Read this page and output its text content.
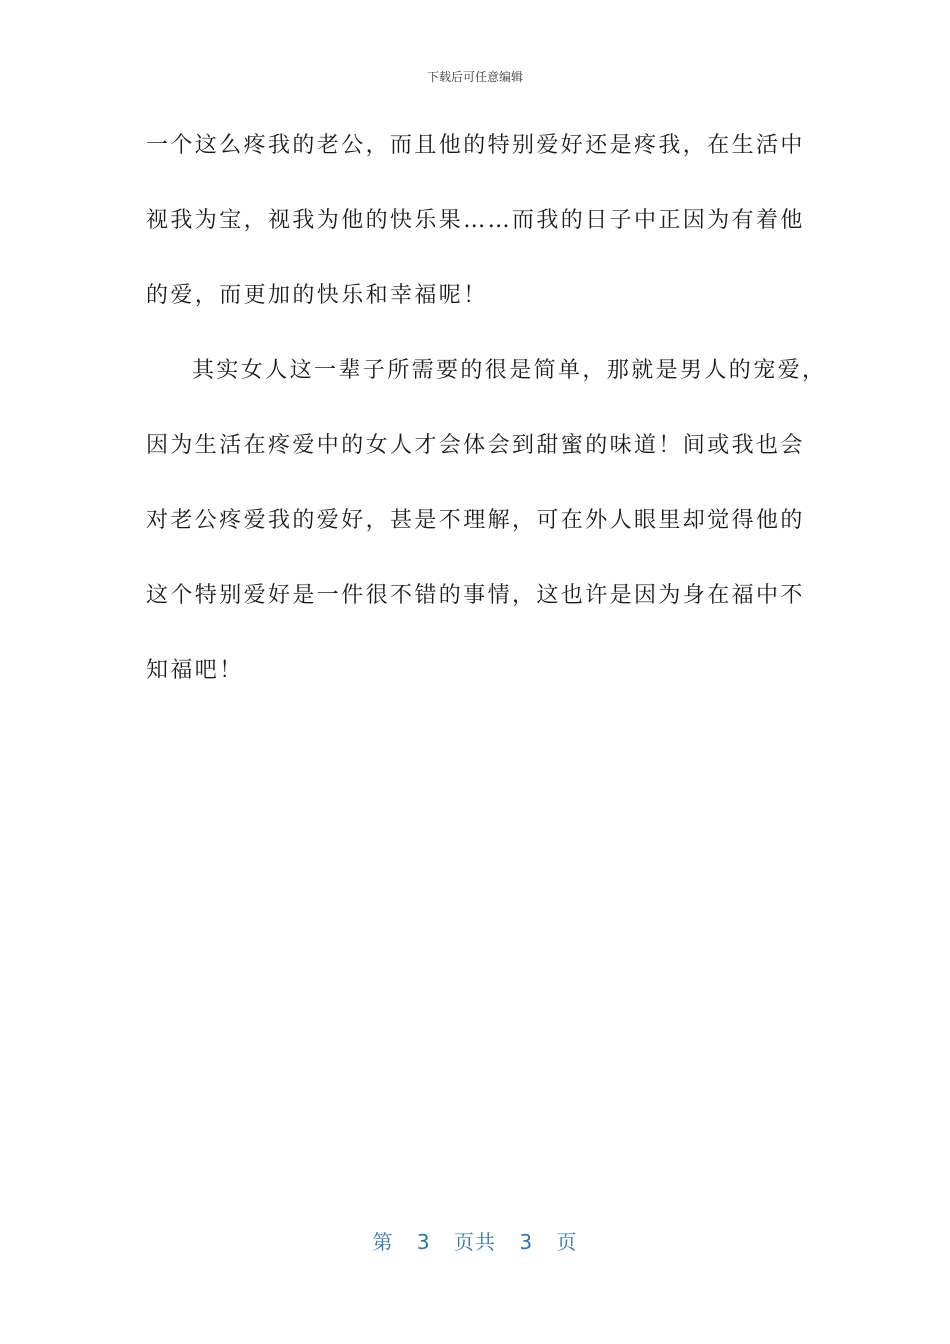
下载后可任意编辑
一个这么疼我的老公，而且他的特别爱好还是疼我，在生活中
视我为宝，视我为他的快乐果……而我的日子中正因为有着他
的爱，而更加的快乐和幸福呢！
其实女人这一辈子所需要的很是简单，那就是男人的宠爱，
因为生活在疼爱中的女人才会体会到甜蜜的味道！间或我也会
对老公疼爱我的爱好，甚是不理解，可在外人眼里却觉得他的
这个特别爱好是一件很不错的事情，这也许是因为身在福中不
知福吧！
第 3 页共 3 页
